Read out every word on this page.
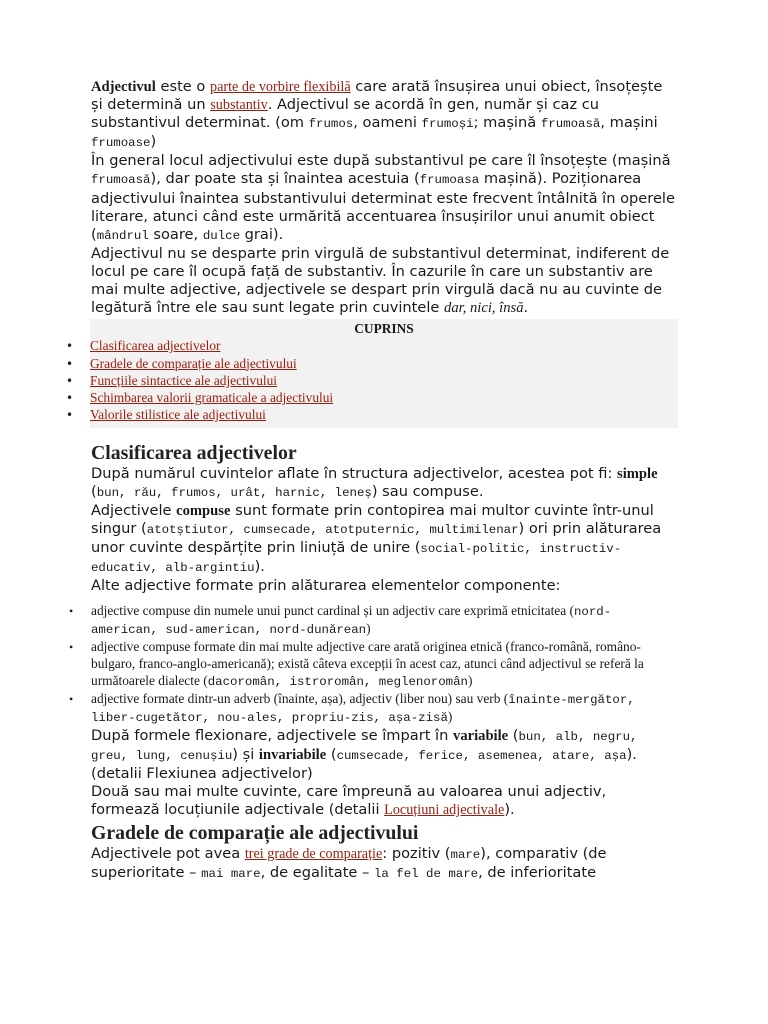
Adjectivul este o parte de vorbire flexibilă care arată însușirea unui obiect, însoțește și determină un substantiv. Adjectivul se acordă în gen, număr și caz cu substantivul determinat. (om frumos, oameni frumoși; mașină frumoasă, mașini frumoase)

În general locul adjectivului este după substantivul pe care îl însoțește (mașină frumoasă), dar poate sta și înaintea acestuia (frumoasa mașină). Poziționarea adjectivului înaintea substantivului determinat este frecvent întâlnită în operele literare, atunci când este urmărită accentuarea însușirilor unui anumit obiect (mândrul soare, dulce grai).

Adjectivul nu se desparte prin virgulă de substantivul determinat, indiferent de locul pe care îl ocupă față de substantiv. În cazurile în care un substantiv are mai multe adjective, adjectivele se despart prin virgulă dacă nu au cuvinte de legătură între ele sau sunt legate prin cuvintele dar, nici, însă.

CUPRINS
• Clasificarea adjectivelor
• Gradele de comparație ale adjectivului
• Funcțiile sintactice ale adjectivului
• Schimbarea valorii gramaticale a adjectivului
• Valorile stilistice ale adjectivului
Clasificarea adjectivelor

După numărul cuvintelor aflate în structura adjectivelor, acestea pot fi: simple (bun, rău, frumos, urât, harnic, leneș) sau compuse.

Adjectivele compuse sunt formate prin contopirea mai multor cuvinte într-unul singur (atotștiutor, cumsecade, atotputernic, multimilenar) ori prin alăturarea unor cuvinte despărțite prin liniuță de unire (social-politic, instructiv-educativ, alb-argintiu).

Alte adjective formate prin alăturarea elementelor componente:

• adjective compuse din numele unui punct cardinal și un adjectiv care exprimă etnicitatea (nord-american, sud-american, nord-dunărean)
• adjective compuse formate din mai multe adjective care arată originea etnică (franco-română, româno-bulgaro, franco-anglo-americană); există câteva excepții în acest caz, atunci când adjectivul se referă la următoarele dialecte (dacoromân, istroromân, meglenoromân)
• adjective formate dintr-un adverb (înainte, așa), adjectiv (liber nou) sau verb (înainte-mergător, liber-cugetător, nou-ales, propriu-zis, așa-zisă)

După formele flexionare, adjectivele se împart în variabile (bun, alb, negru, greu, lung, cenușiu) și invariabile (cumsecade, ferice, asemenea, atare, așa). (detalii Flexiunea adjectivelor)

Două sau mai multe cuvinte, care împreună au valoarea unui adjectiv, formează locuțiunile adjectivale (detalii Locuțiuni adjectivale).

Gradele de comparație ale adjectivului

Adjectivele pot avea trei grade de comparație: pozitiv (mare), comparativ (de superioritate – mai mare, de egalitate – la fel de mare, de inferioritate
